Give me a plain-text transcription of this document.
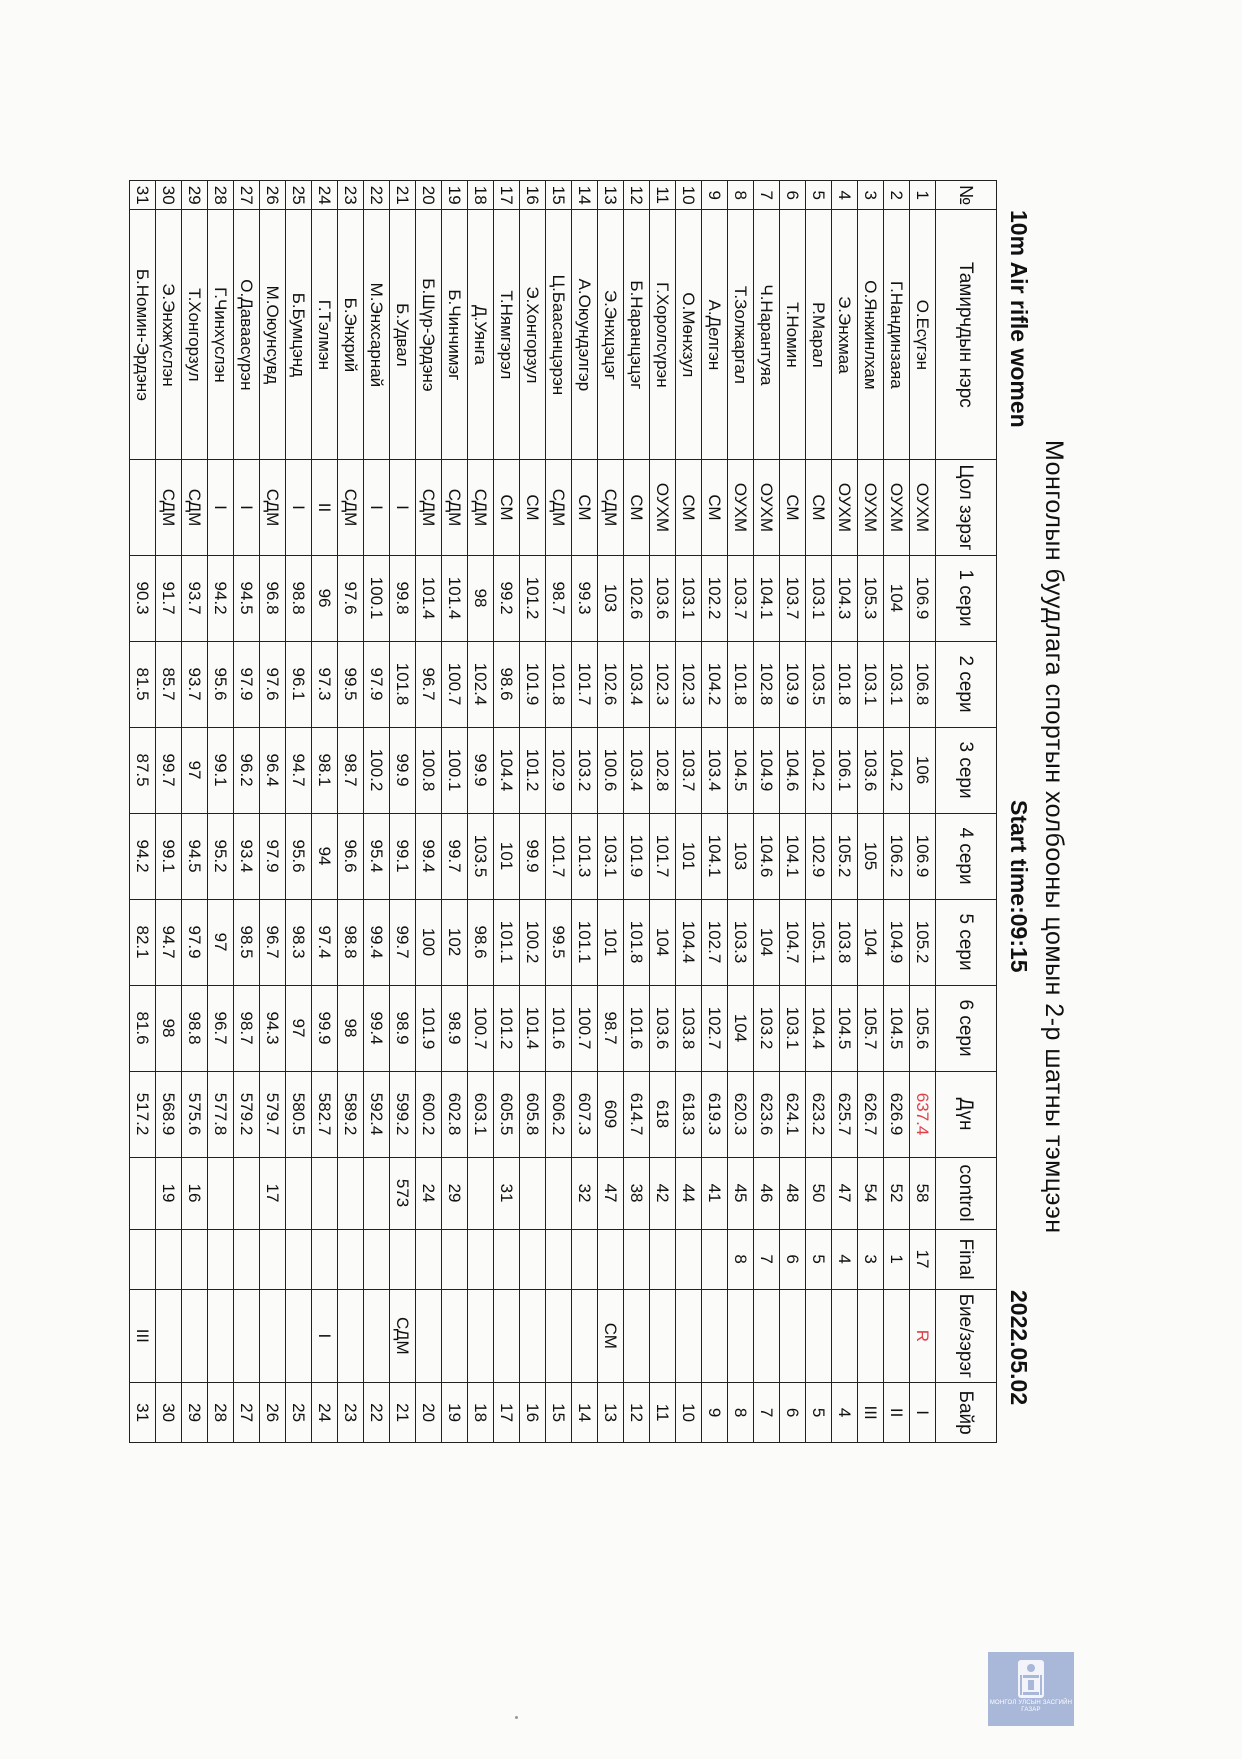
Монголын буудлага спортын холбооны цомын 2-р шатны тэмцээн
10m Air rifle women
Start time:09:15
2022.05.02
№	Тамирчдын нэрс	Цол зэрэг	1 сери	2 сери	3 сери	4 сери	5 сери	6 сери	Дүн	control	Final	Бие/зэрэг	Байр
1	О.Есүгэн	ОУХМ	106.9	106.8	106	106.9	105.2	105.6	637.4	58	17	R	I
2	Г.Нандинзаяа	ОУХМ	104	103.1	104.2	106.2	104.9	104.5	626.9	52	1		II
3	О.Янжинлхам	ОУХМ	105.3	103.1	103.6	105	104	105.7	626.7	54	3		III
4	Э.Энхмаа	ОУХМ	104.3	101.8	106.1	105.2	103.8	104.5	625.7	47	4		4
5	Р.Марал	СМ	103.1	103.5	104.2	102.9	105.1	104.4	623.2	50	5		5
6	Т.Номин	СМ	103.7	103.9	104.6	104.1	104.7	103.1	624.1	48	6		6
7	Ч.Нарантуяа	ОУХМ	104.1	102.8	104.9	104.6	104	103.2	623.6	46	7		7
8	Т.Золжаргал	ОУХМ	103.7	101.8	104.5	103	103.3	104	620.3	45	8		8
9	А.Делгэн	СМ	102.2	104.2	103.4	104.1	102.7	102.7	619.3	41			9
10	О.Мөнхзул	СМ	103.1	102.3	103.7	101	104.4	103.8	618.3	44			10
11	Г.Хоролсүрэн	ОУХМ	103.6	102.3	102.8	101.7	104	103.6	618	42			11
12	Б.Наранцэцэг	СМ	102.6	103.4	103.4	101.9	101.8	101.6	614.7	38			12
13	Э.Энхцэцэг	СДМ	103	102.6	100.6	103.1	101	98.7	609	47		СМ	13
14	А.Оюундэлгэр	СМ	99.3	101.7	103.2	101.3	101.1	100.7	607.3	32			14
15	Ц.Баасанцэрэн	СДМ	98.7	101.8	102.9	101.7	99.5	101.6	606.2				15
16	Э.Хонгорзул	СМ	101.2	101.9	101.2	99.9	100.2	101.4	605.8				16
17	Т.Нямгэрэл	СМ	99.2	98.6	104.4	101	101.1	101.2	605.5	31			17
18	Д.Уянга	СДМ	98	102.4	99.9	103.5	98.6	100.7	603.1				18
19	Б.Чинчимэг	СДМ	101.4	100.7	100.1	99.7	102	98.9	602.8	29			19
20	Б.Шүр-Эрдэнэ	СДМ	101.4	96.7	100.8	99.4	100	101.9	600.2	24			20
21	Б.Удвал	I	99.8	101.8	99.9	99.1	99.7	98.9	599.2	573		СДМ	21
22	М.Энхсарнай	I	100.1	97.9	100.2	95.4	99.4	99.4	592.4				22
23	Б.Энхрий	СДМ	97.6	99.5	98.7	96.6	98.8	98	589.2				23
24	Г.Тэлмэн	II	96	97.3	98.1	94	97.4	99.9	582.7			I	24
25	Б.Бумцэнд	I	98.8	96.1	94.7	95.6	98.3	97	580.5				25
26	М.Оюунсувд	СДМ	96.8	97.6	96.4	97.9	96.7	94.3	579.7	17			26
27	О.Даваасүрэн	I	94.5	97.9	96.2	93.4	98.5	98.7	579.2				27
28	Г.Чинхүслэн	I	94.2	95.6	99.1	95.2	97	96.7	577.8				28
29	Т.Хонгорзул	СДМ	93.7	93.7	97	94.5	97.9	98.8	575.6	16			29
30	Э.Энхжүслэн	СДМ	91.7	85.7	99.7	99.1	94.7	98	568.9	19			30
31	Б.Номин-Эрдэнэ		90.3	81.5	87.5	94.2	82.1	81.6	517.2			III	31
МОНГОЛ УЛСЫН ЗАСГИЙН ГАЗАР
